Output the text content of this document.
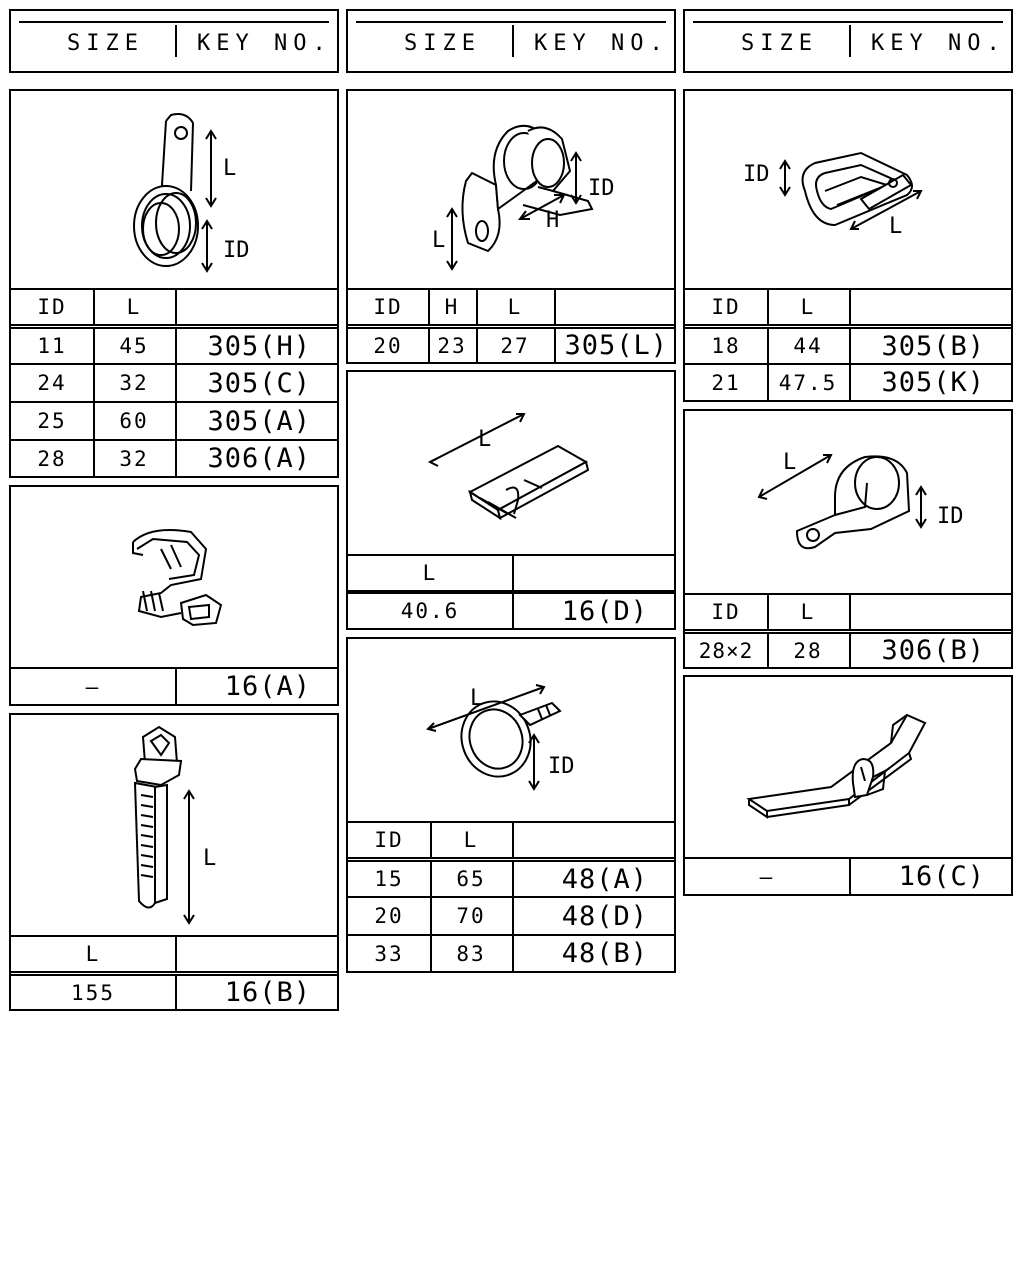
SIZE KEY NO.	SIZE KEY NO.	SIZE KEY NO.
L
ID
ID	L
11	45	305(H)
24	32	305(C)
25	60	305(A)
28	32	306(A)
—	16(A)
L
L
155	16(B)
L
H
ID
ID	H	L
20	23	27	305(L)
L
L
40.6	16(D)
L
ID
ID	L
15	65	48(A)
20	70	48(D)
33	83	48(B)
ID
L
ID	L
18	44	305(B)
21	47.5	305(K)
L
ID
ID	L
28×2	28	306(B)
—	16(C)
